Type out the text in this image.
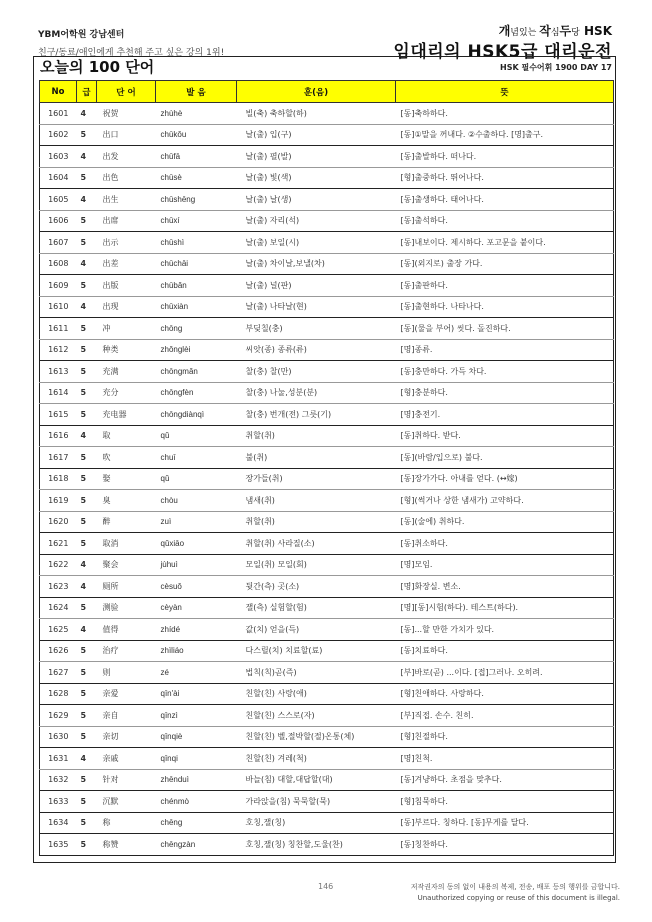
YBM어학원 강남센터
친구/동료/애인에게 추천해 주고 싶은 강의 1위!
개념있는 작심두당 HSK
임대리의 HSK5급 대리운전
오늘의 100 단어	HSK 필수어휘 1900 DAY 17
No	급	단 어	발 음	훈(음)	뜻
1601	4	祝贺	zhùhè	빌(축) 축하할(하)	[동]축하하다.
1602	5	出口	chūkǒu	날(출) 입(구)	[동]①말을 꺼내다. ②수출하다. [명]출구.
1603	4	出发	chūfā	날(출) 펼(발)	[동]출발하다. 떠나다.
1604	5	出色	chūsè	날(출) 빛(색)	[형]출중하다. 뛰어나다.
1605	4	出生	chūshēng	날(출) 날(생)	[동]출생하다. 태어나다.
1606	5	出席	chūxí	날(출) 자리(석)	[동]출석하다.
1607	5	出示	chūshì	날(출) 보일(시)	[동]내보이다. 제시하다. 포고문을 붙이다.
1608	4	出差	chūchāi	날(출) 차이날,보낼(차)	[동](외지로) 출장 가다.
1609	5	出版	chūbǎn	날(출) 널(판)	[동]출판하다.
1610	4	出现	chūxiàn	날(출) 나타날(현)	[동]출현하다. 나타나다.
1611	5	冲	chōng	부딪칠(충)	[동](물을 부어) 씻다. 돌진하다.
1612	5	种类	zhǒnglèi	씨앗(종) 종류(류)	[명]종류.
1613	5	充满	chōngmǎn	찰(충) 찰(만)	[동]충만하다. 가득 차다.
1614	5	充分	chōngfèn	찰(충) 나눌,성분(분)	[형]충분하다.
1615	5	充电器	chōngdiànqì	찰(충) 번개(전) 그릇(기)	[명]충전기.
1616	4	取	qǔ	취할(취)	[동]취하다. 받다.
1617	5	吹	chuī	불(취)	[동](바람/입으로) 불다.
1618	5	娶	qǔ	장가들(취)	[동]장가가다. 아내를 얻다. (↔嫁)
1619	5	臭	chòu	냄새(취)	[형](썩거나 상한 냄새가) 고약하다.
1620	5	醉	zuì	취할(취)	[동](술에) 취하다.
1621	5	取消	qǔxiāo	취할(취) 사라질(소)	[동]취소하다.
1622	4	聚会	jùhuì	모일(취) 모일(회)	[명]모임.
1623	4	厕所	cèsuǒ	뒷간(측) 곳(소)	[명]화장실. 변소.
1624	5	测验	cèyàn	잴(측) 실험할(험)	[명][동]시험(하다). 테스트(하다).
1625	4	值得	zhídé	값(치) 얻을(득)	[동]...할 만한 가치가 있다.
1626	5	治疗	zhìliáo	다스릴(치) 치료할(료)	[동]치료하다.
1627	5	则	zé	법칙(칙)곧(즉)	[부]바로(곧) ...이다. [접]그러나. 오히려.
1628	5	亲爱	qīn'ài	친할(친) 사랑(애)	[형]친애하다. 사랑하다.
1629	5	亲自	qīnzì	친할(친) 스스로(자)	[부]직접. 손수. 친히.
1630	5	亲切	qīnqiè	친할(친) 벨,절박할(절)온통(체)	[형]친절하다.
1631	4	亲戚	qīnqi	친할(친) 겨레(척)	[명]친척.
1632	5	针对	zhēnduì	바늘(침) 대할,대답할(대)	[동]겨냥하다. 초점을 맞추다.
1633	5	沉默	chénmò	가라앉을(침) 묵묵할(묵)	[형]침묵하다.
1634	5	称	chēng	호칭,잴(칭)	[동]부르다. 칭하다. [동]무게를 달다.
1635	5	称赞	chēngzàn	호칭,잴(칭) 칭찬할,도울(찬)	[동]칭찬하다.
146	저작권자의 동의 없이 내용의 복제, 전송, 배포 등의 행위를 금합니다.
Unauthorized copying or reuse of this document is illegal.
